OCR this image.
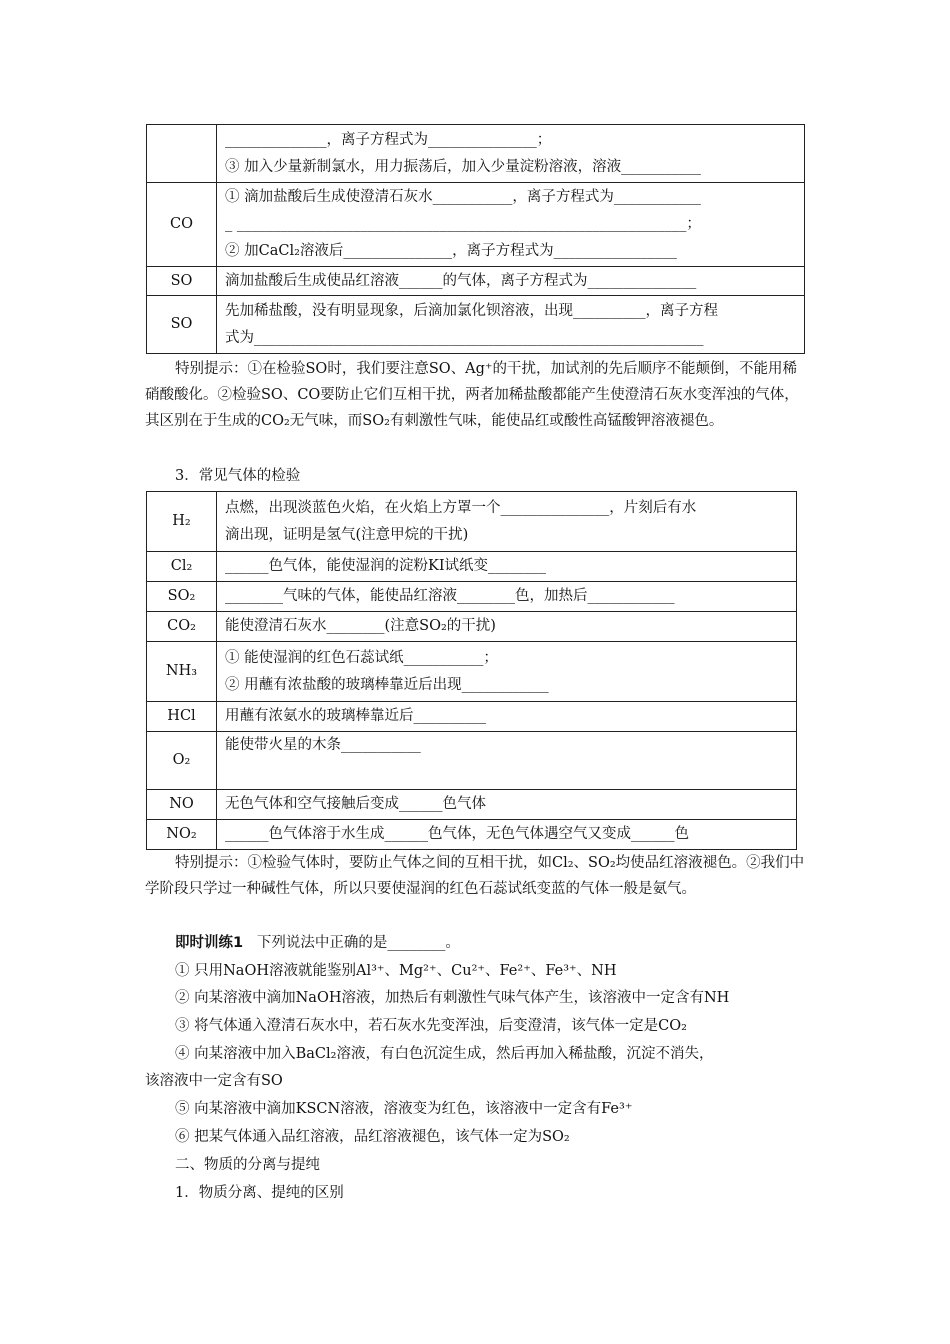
	______________，离子方程式为_______________；
③ 加入少量新制氯水，用力振荡后，加入少量淀粉溶液，溶液___________

CO	① 滴加盐酸后生成使澄清石灰水___________，离子方程式为____________
_ ______________________________________________________________；
② 加CaCl₂溶液后_______________，离子方程式为_________________

SO	滴加盐酸后生成使品红溶液______的气体，离子方程式为_______________

SO	先加稀盐酸，没有明显现象，后滴加氯化钡溶液，出现__________，离子方程
式为______________________________________________________________
特别提示：①在检验SO时，我们要注意SO、Ag⁺的干扰，加试剂的先后顺序不能颠倒，不能用稀硝酸酸化。②检验SO、CO要防止它们互相干扰，两者加稀盐酸都能产生使澄清石灰水变浑浊的气体，其区别在于生成的CO₂无气味，而SO₂有刺激性气味，能使品红或酸性高锰酸钾溶液褪色。
3．常见气体的检验
H₂	点燃，出现淡蓝色火焰，在火焰上方罩一个_______________，片刻后有水
滴出现，证明是氢气(注意甲烷的干扰)

Cl₂	______色气体，能使湿润的淀粉KI试纸变________

SO₂	________气味的气体，能使品红溶液________色，加热后____________

CO₂	能使澄清石灰水________(注意SO₂的干扰)

NH₃	① 能使湿润的红色石蕊试纸___________；
② 用蘸有浓盐酸的玻璃棒靠近后出现____________

HCl	用蘸有浓氨水的玻璃棒靠近后__________

O₂	能使带火星的木条___________

NO	无色气体和空气接触后变成______色气体

NO₂	______色气体溶于水生成______色气体，无色气体遇空气又变成______色
特别提示：①检验气体时，要防止气体之间的互相干扰，如Cl₂、SO₂均使品红溶液褪色。②我们中学阶段只学过一种碱性气体，所以只要使湿润的红色石蕊试纸变蓝的气体一般是氨气。
即时训练1 下列说法中正确的是________。
① 只用NaOH溶液就能鉴别Al³⁺、Mg²⁺、Cu²⁺、Fe²⁺、Fe³⁺、NH
② 向某溶液中滴加NaOH溶液，加热后有刺激性气味气体产生，该溶液中一定含有NH
③ 将气体通入澄清石灰水中，若石灰水先变浑浊，后变澄清，该气体一定是CO₂
④ 向某溶液中加入BaCl₂溶液，有白色沉淀生成，然后再加入稀盐酸，沉淀不消失，
该溶液中一定含有SO
⑤ 向某溶液中滴加KSCN溶液，溶液变为红色，该溶液中一定含有Fe³⁺
⑥ 把某气体通入品红溶液，品红溶液褪色，该气体一定为SO₂
二、物质的分离与提纯
1．物质分离、提纯的区别
